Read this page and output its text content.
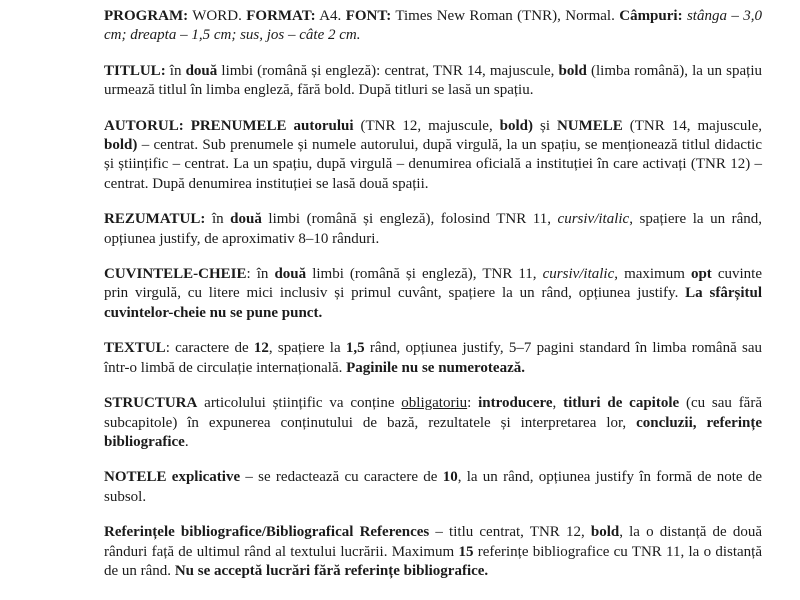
PROGRAM: WORD. FORMAT: A4. FONT: Times New Roman (TNR), Normal. Câmpuri: stânga – 3,0 cm; dreapta – 1,5 cm; sus, jos – câte 2 cm.

TITLUL: în două limbi (română și engleză): centrat, TNR 14, majuscule, bold (limba română), la un spațiu urmează titlul în limba engleză, fără bold. După titluri se lasă un spațiu.

AUTORUL: PRENUMELE autorului (TNR 12, majuscule, bold) și NUMELE (TNR 14, majuscule, bold) – centrat. Sub prenumele și numele autorului, după virgulă, la un spațiu, se menționează titlul didactic și științific – centrat. La un spațiu, după virgulă – denumirea oficială a instituției în care activați (TNR 12) – centrat. După denumirea instituției se lasă două spații.

REZUMATUL: în două limbi (română și engleză), folosind TNR 11, cursiv/italic, spațiere la un rând, opțiunea justify, de aproximativ 8–10 rânduri.

CUVINTELE-CHEIE: în două limbi (română și engleză), TNR 11, cursiv/italic, maximum opt cuvinte prin virgulă, cu litere mici inclusiv și primul cuvânt, spațiere la un rând, opțiunea justify. La sfârșitul cuvintelor-cheie nu se pune punct.

TEXTUL: caractere de 12, spațiere la 1,5 rând, opțiunea justify, 5–7 pagini standard în limba română sau într-o limbă de circulație internațională. Paginile nu se numerotează.

STRUCTURA articolului științific va conține obligatoriu: introducere, titluri de capitole (cu sau fără subcapitole) în expunerea conținutului de bază, rezultatele și interpretarea lor, concluzii, referințe bibliografice.

NOTELE explicative – se redactează cu caractere de 10, la un rând, opțiunea justify în formă de note de subsol.

Referințele bibliografice/Bibliografical References – titlu centrat, TNR 12, bold, la o distanță de două rânduri față de ultimul rând al textului lucrării. Maximum 15 referințe bibliografice cu TNR 11, la o distanță de un rând. Nu se acceptă lucrări fără referințe bibliografice.
